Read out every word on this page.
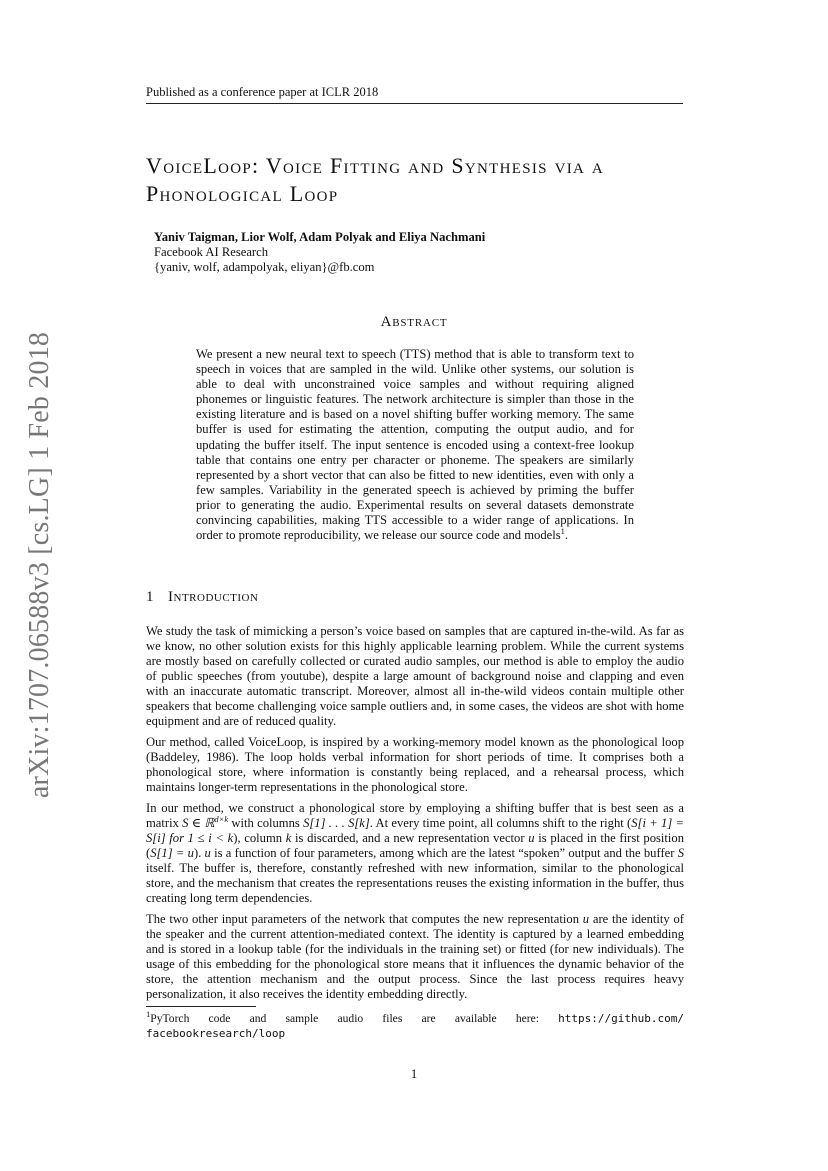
Published as a conference paper at ICLR 2018
arXiv:1707.06588v3 [cs.LG] 1 Feb 2018
VoiceLoop: Voice Fitting and Synthesis via a
Phonological Loop
Yaniv Taigman, Lior Wolf, Adam Polyak and Eliya Nachmani
Facebook AI Research
{yaniv, wolf, adampolyak, eliyan}@fb.com
Abstract
We present a new neural text to speech (TTS) method that is able to transform text to speech in voices that are sampled in the wild. Unlike other systems, our solution is able to deal with unconstrained voice samples and without requiring aligned phonemes or linguistic features. The network architecture is simpler than those in the existing literature and is based on a novel shifting buffer working memory. The same buffer is used for estimating the attention, computing the output audio, and for updating the buffer itself. The input sentence is encoded using a context-free lookup table that contains one entry per character or phoneme. The speakers are similarly represented by a short vector that can also be fitted to new identities, even with only a few samples. Variability in the generated speech is achieved by priming the buffer prior to generating the audio. Experimental results on several datasets demonstrate convincing capabilities, making TTS accessible to a wider range of applications. In order to promote reproducibility, we release our source code and models$^1$.
1 Introduction

We study the task of mimicking a person’s voice based on samples that are captured in-the-wild. As far as we know, no other solution exists for this highly applicable learning problem. While the current systems are mostly based on carefully collected or curated audio samples, our method is able to employ the audio of public speeches (from youtube), despite a large amount of background noise and clapping and even with an inaccurate automatic transcript. Moreover, almost all in-the-wild videos contain multiple other speakers that become challenging voice sample outliers and, in some cases, the videos are shot with home equipment and are of reduced quality.

Our method, called VoiceLoop, is inspired by a working-memory model known as the phonological loop (Baddeley, 1986). The loop holds verbal information for short periods of time. It comprises both a phonological store, where information is constantly being replaced, and a rehearsal process, which maintains longer-term representations in the phonological store.

In our method, we construct a phonological store by employing a shifting buffer that is best seen as a matrix S ∈ ℝ$^{d\times k}$ with columns S[1] . . . S[k]. At every time point, all columns shift to the right (S[i + 1] = S[i] for 1 ≤ i < k), column k is discarded, and a new representation vector u is placed in the first position (S[1] = u). u is a function of four parameters, among which are the latest “spoken” output and the buffer S itself. The buffer is, therefore, constantly refreshed with new information, similar to the phonological store, and the mechanism that creates the representations reuses the existing information in the buffer, thus creating long term dependencies.

The two other input parameters of the network that computes the new representation u are the identity of the speaker and the current attention-mediated context. The identity is captured by a learned embedding and is stored in a lookup table (for the individuals in the training set) or fitted (for new individuals). The usage of this embedding for the phonological store means that it influences the dynamic behavior of the store, the attention mechanism and the output process. Since the last process requires heavy personalization, it also receives the identity embedding directly.

$^1$PyTorch code and sample audio files are available here: https://github.com/
facebookresearch/loop
1
